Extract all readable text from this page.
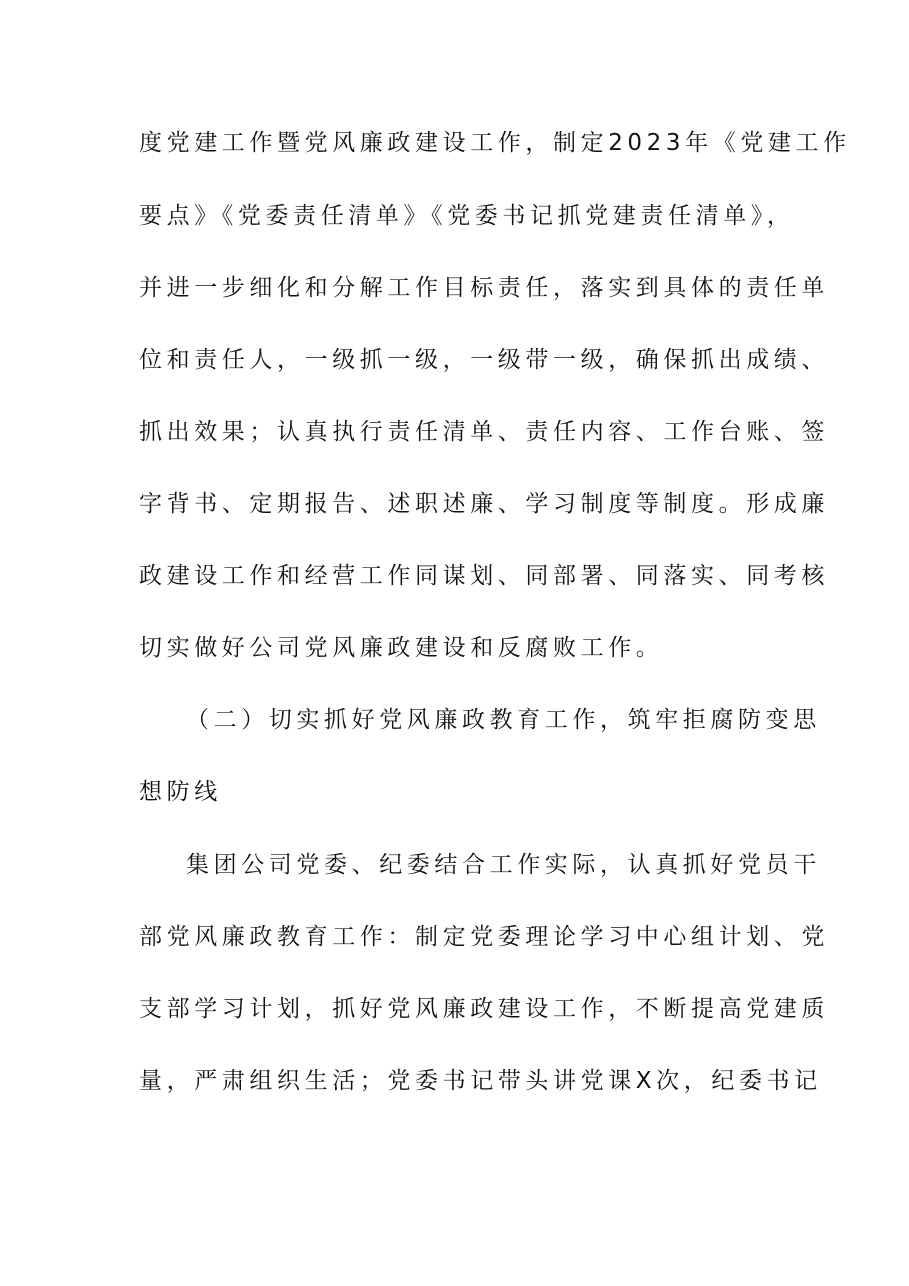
度党建工作暨党风廉政建设工作，制定2023年《党建工作
要点》《党委责任清单》《党委书记抓党建责任清单》，
并进一步细化和分解工作目标责任，落实到具体的责任单
位和责任人，一级抓一级，一级带一级，确保抓出成绩、
抓出效果；认真执行责任清单、责任内容、工作台账、签
字背书、定期报告、述职述廉、学习制度等制度。形成廉
政建设工作和经营工作同谋划、同部署、同落实、同考核
切实做好公司党风廉政建设和反腐败工作。
（二）切实抓好党风廉政教育工作，筑牢拒腐防变思
想防线
集团公司党委、纪委结合工作实际，认真抓好党员干
部党风廉政教育工作：制定党委理论学习中心组计划、党
支部学习计划，抓好党风廉政建设工作，不断提高党建质
量，严肃组织生活；党委书记带头讲党课X次，纪委书记
